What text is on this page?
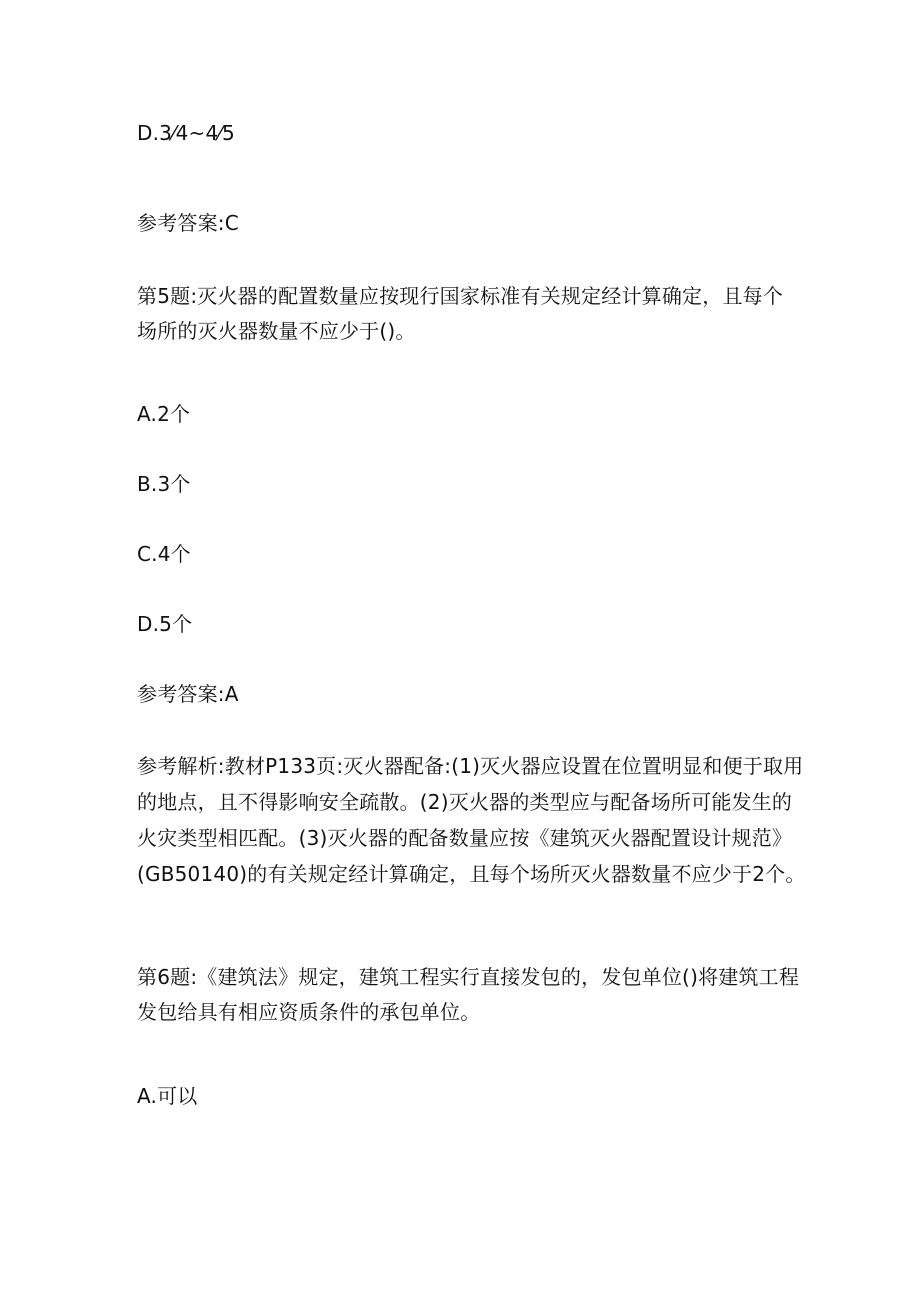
D.3⁄4~4⁄5
参考答案:C
第5题:灭火器的配置数量应按现行国家标准有关规定经计算确定，且每个
场所的灭火器数量不应少于()。
A.2个
B.3个
C.4个
D.5个
参考答案:A
参考解析:教材P133页:灭火器配备:(1)灭火器应设置在位置明显和便于取用
的地点，且不得影响安全疏散。(2)灭火器的类型应与配备场所可能发生的
火灾类型相匹配。(3)灭火器的配备数量应按《建筑灭火器配置设计规范》
(GB50140)的有关规定经计算确定，且每个场所灭火器数量不应少于2个。
第6题:《建筑法》规定，建筑工程实行直接发包的，发包单位()将建筑工程
发包给具有相应资质条件的承包单位。
A.可以
